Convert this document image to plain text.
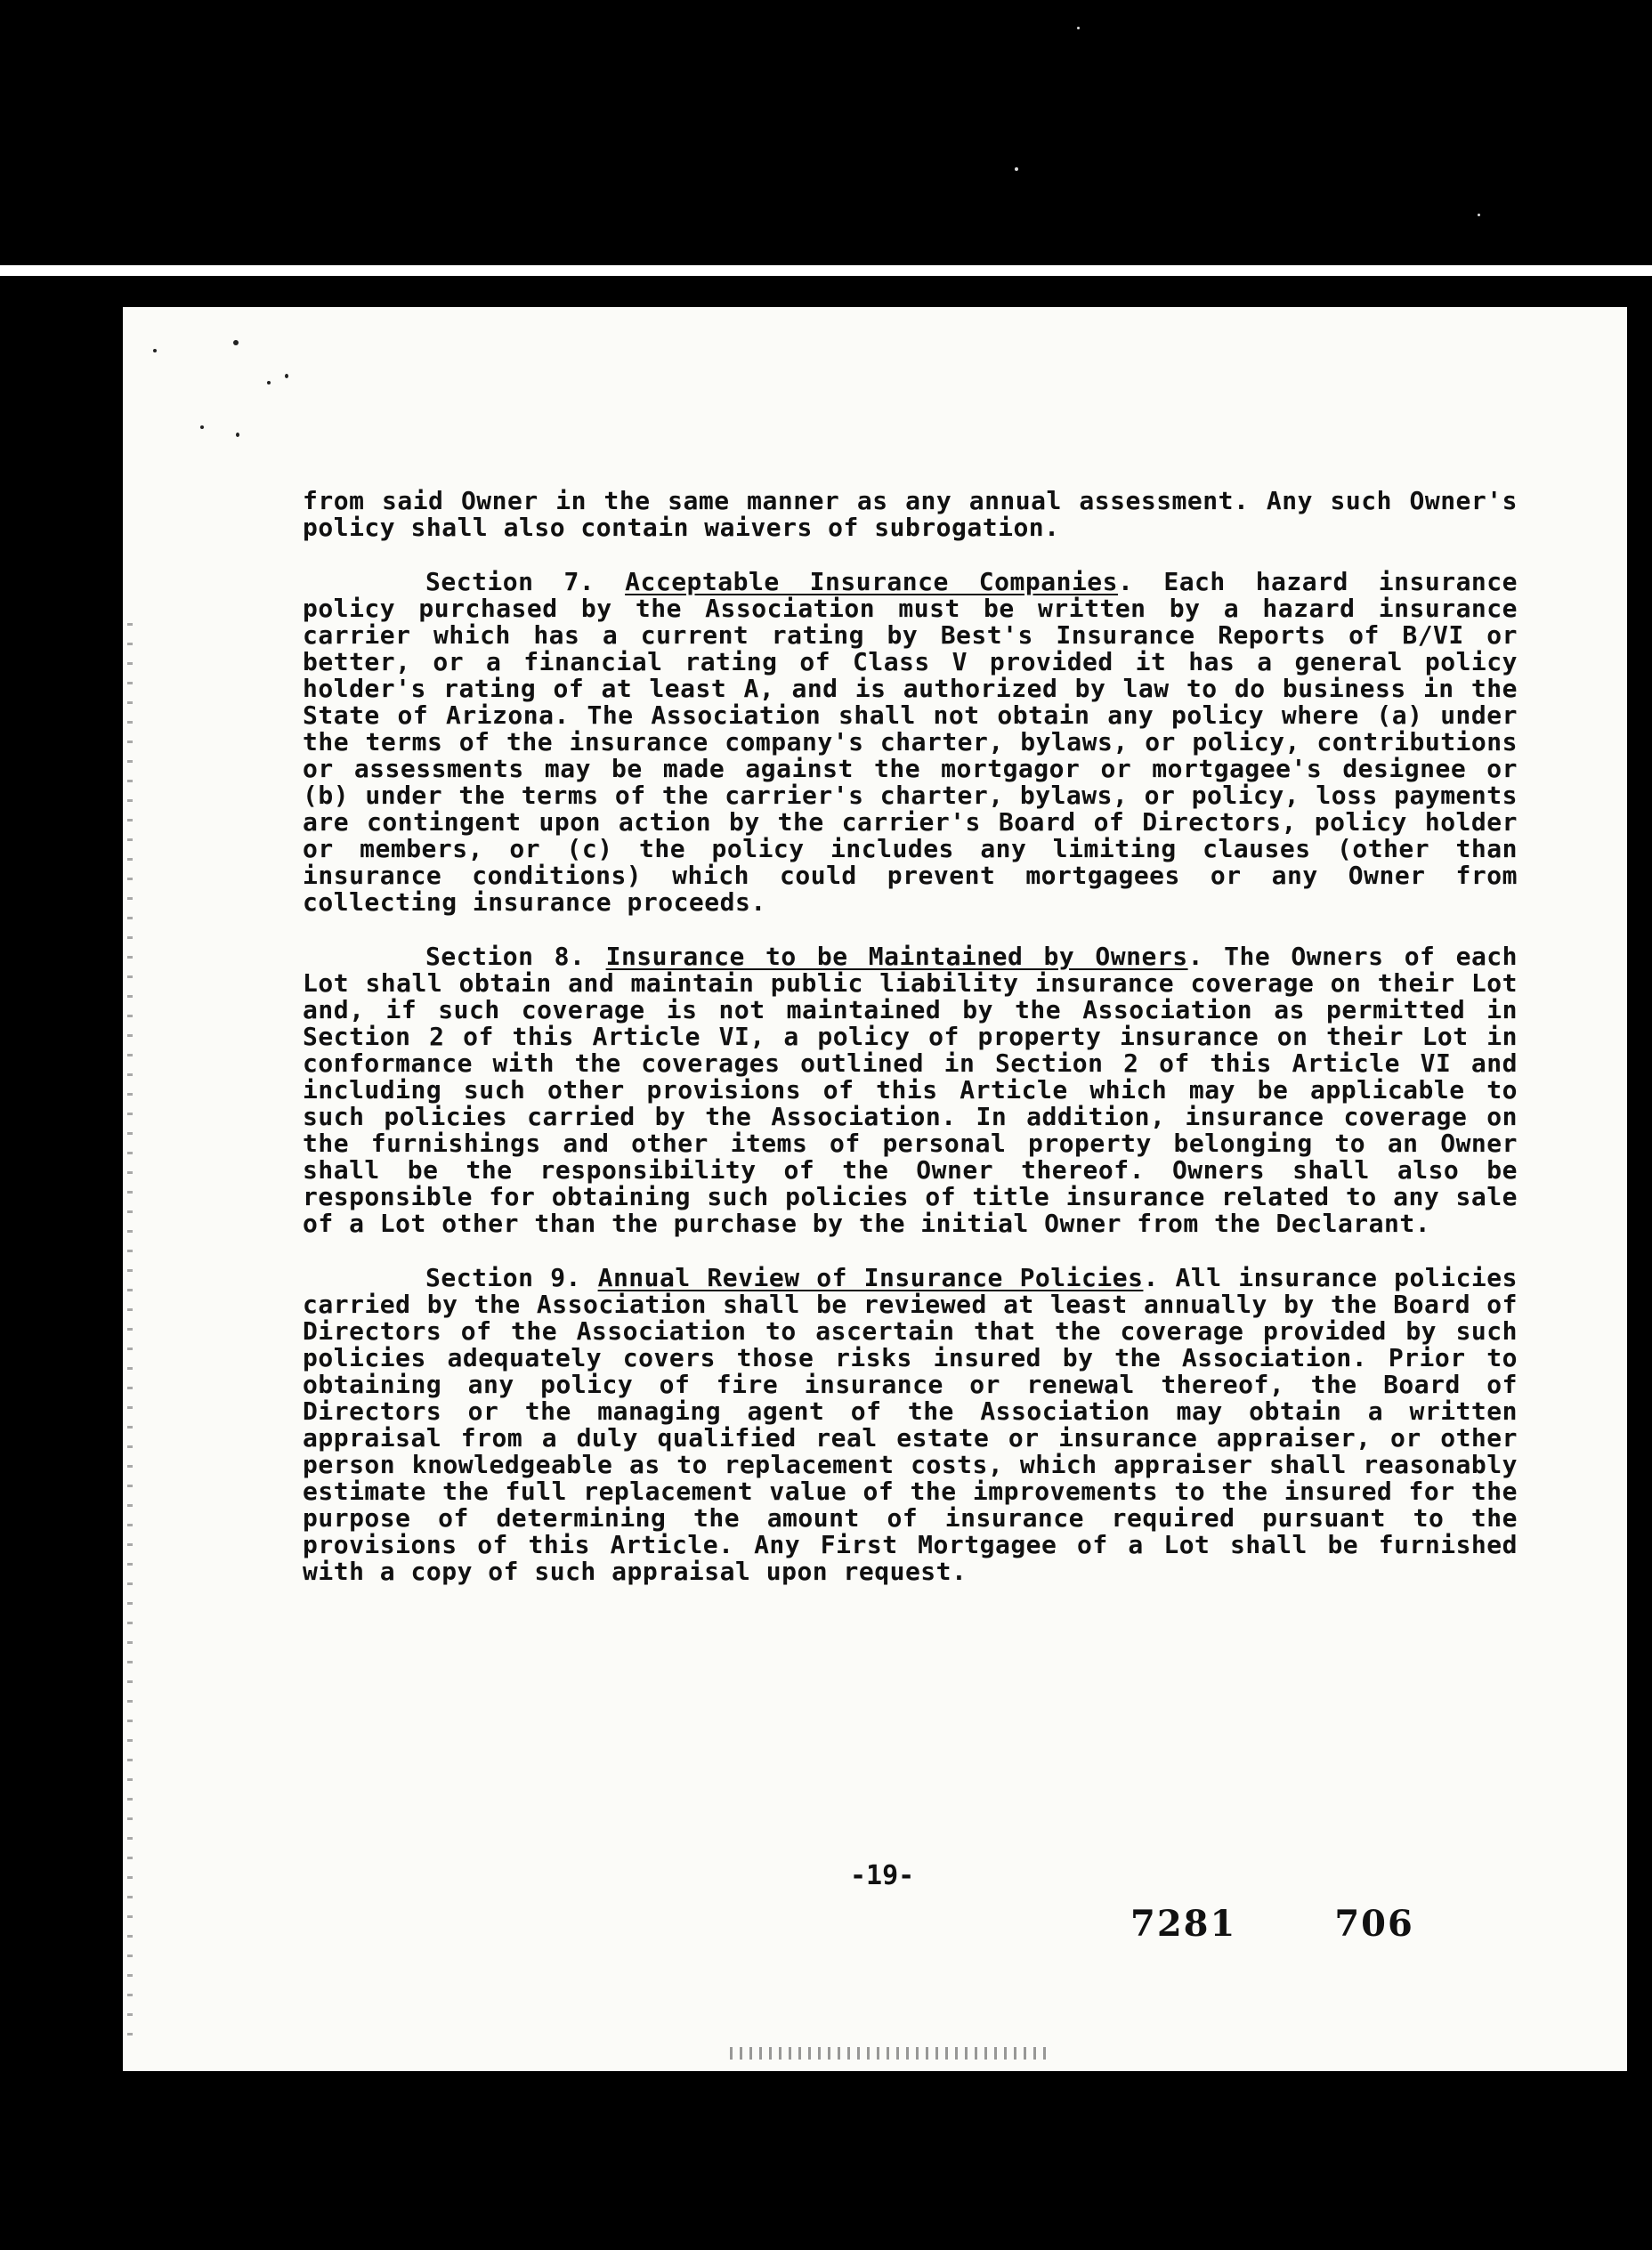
from said Owner in the same manner as any annual assessment. Any such Owner's policy shall also contain waivers of subrogation.

Section 7. Acceptable Insurance Companies. Each hazard insurance policy purchased by the Association must be written by a hazard insurance carrier which has a current rating by Best's Insurance Reports of B/VI or better, or a financial rating of Class V provided it has a general policy holder's rating of at least A, and is authorized by law to do business in the State of Arizona. The Association shall not obtain any policy where (a) under the terms of the insurance company's charter, bylaws, or policy, contributions or assessments may be made against the mortgagor or mortgagee's designee or (b) under the terms of the carrier's charter, bylaws, or policy, loss payments are contingent upon action by the carrier's Board of Directors, policy holder or members, or (c) the policy includes any limiting clauses (other than insurance conditions) which could prevent mortgagees or any Owner from collecting insurance proceeds.

Section 8. Insurance to be Maintained by Owners. The Owners of each Lot shall obtain and maintain public liability insurance coverage on their Lot and, if such coverage is not maintained by the Association as permitted in Section 2 of this Article VI, a policy of property insurance on their Lot in conformance with the coverages outlined in Section 2 of this Article VI and including such other provisions of this Article which may be applicable to such policies carried by the Association. In addition, insurance coverage on the furnishings and other items of personal property belonging to an Owner shall be the responsibility of the Owner thereof. Owners shall also be responsible for obtaining such policies of title insurance related to any sale of a Lot other than the purchase by the initial Owner from the Declarant.

Section 9. Annual Review of Insurance Policies. All insurance policies carried by the Association shall be reviewed at least annually by the Board of Directors of the Association to ascertain that the coverage provided by such policies adequately covers those risks insured by the Association. Prior to obtaining any policy of fire insurance or renewal thereof, the Board of Directors or the managing agent of the Association may obtain a written appraisal from a duly qualified real estate or insurance appraiser, or other person knowledgeable as to replacement costs, which appraiser shall reasonably estimate the full replacement value of the improvements to the insured for the purpose of determining the amount of insurance required pursuant to the provisions of this Article. Any First Mortgagee of a Lot shall be furnished with a copy of such appraisal upon request.

-19-
7281	706
